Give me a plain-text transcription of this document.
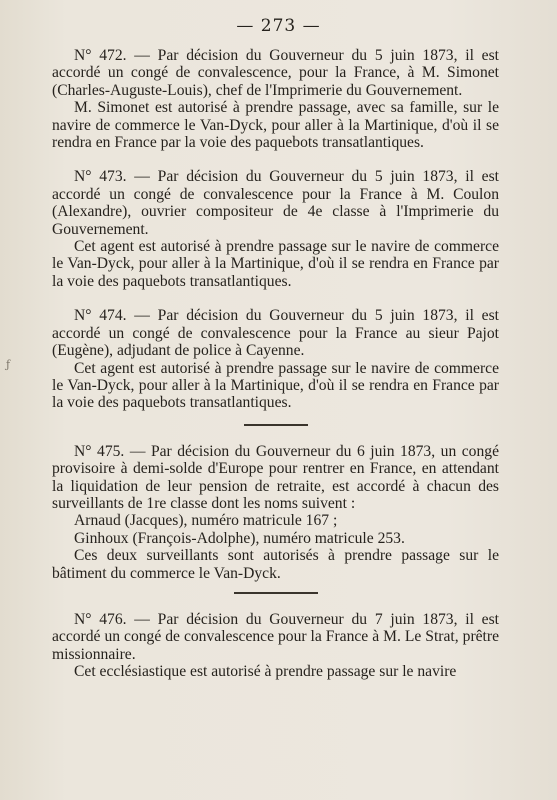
— 273 —
ƒ

N° 472. — Par décision du Gouverneur du 5 juin 1873, il est accordé un congé de convalescence, pour la France, à M. Simonet (Charles-Auguste-Louis), chef de l'Imprimerie du Gouvernement.

M. Simonet est autorisé à prendre passage, avec sa famille, sur le navire de commerce le Van-Dyck, pour aller à la Martinique, d'où il se rendra en France par la voie des paquebots transatlantiques.

N° 473. — Par décision du Gouverneur du 5 juin 1873, il est accordé un congé de convalescence pour la France à M. Coulon (Alexandre), ouvrier compositeur de 4e classe à l'Imprimerie du Gouvernement.

Cet agent est autorisé à prendre passage sur le navire de commerce le Van-Dyck, pour aller à la Martinique, d'où il se rendra en France par la voie des paquebots transatlantiques.

N° 474. — Par décision du Gouverneur du 5 juin 1873, il est accordé un congé de convalescence pour la France au sieur Pajot (Eugène), adjudant de police à Cayenne.

Cet agent est autorisé à prendre passage sur le navire de commerce le Van-Dyck, pour aller à la Martinique, d'où il se rendra en France par la voie des paquebots transatlantiques.

N° 475. — Par décision du Gouverneur du 6 juin 1873, un congé provisoire à demi-solde d'Europe pour rentrer en France, en attendant la liquidation de leur pension de retraite, est accordé à chacun des surveillants de 1re classe dont les noms suivent :

Arnaud (Jacques), numéro matricule 167 ;

Ginhoux (François-Adolphe), numéro matricule 253.

Ces deux surveillants sont autorisés à prendre passage sur le bâtiment du commerce le Van-Dyck.

N° 476. — Par décision du Gouverneur du 7 juin 1873, il est accordé un congé de convalescence pour la France à M. Le Strat, prêtre missionnaire.

Cet ecclésiastique est autorisé à prendre passage sur le navire
